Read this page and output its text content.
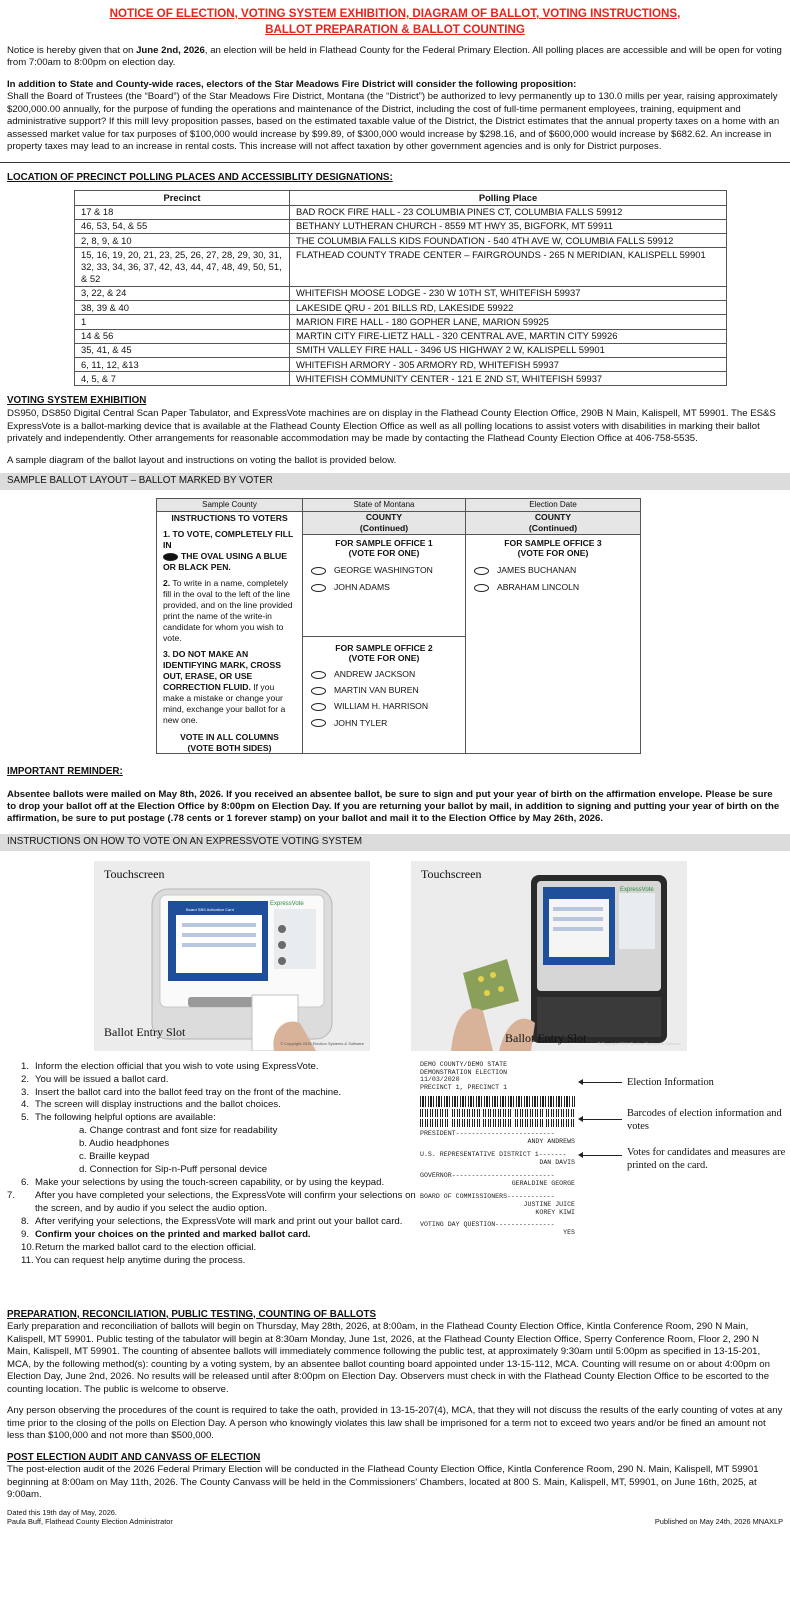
NOTICE OF ELECTION, VOTING SYSTEM EXHIBITION, DIAGRAM OF BALLOT, VOTING INSTRUCTIONS,
BALLOT PREPARATION & BALLOT COUNTING

Notice is hereby given that on June 2nd, 2026, an election will be held in Flathead County for the Federal Primary Election. All polling places are accessible and will be open for voting from 7:00am to 8:00pm on election day.

In addition to State and County-wide races, electors of the Star Meadows Fire District will consider the following proposition:

Shall the Board of Trustees (the “Board”) of the Star Meadows Fire District, Montana (the “District”) be authorized to levy permanently up to 130.0 mills per year, raising approximately $200,000.00 annually, for the purpose of funding the operations and maintenance of the District, including the cost of full-time permanent employees, training, equipment and administrative support? If this mill levy proposition passes, based on the estimated taxable value of the District, the District estimates that the annual property taxes on a home with an assessed market value for tax purposes of $100,000 would increase by $99.89, of $300,000 would increase by $298.16, and of $600,000 would increase by $682.62. An increase in property taxes may lead to an increase in rental costs. This increase will not affect taxation by other government agencies and is only for District purposes.

LOCATION OF PRECINCT POLLING PLACES AND ACCESSIBLITY DESIGNATIONS:

Precinct	Polling Place
17 & 18	BAD ROCK FIRE HALL - 23 COLUMBIA PINES CT, COLUMBIA FALLS 59912
46, 53, 54, & 55	BETHANY LUTHERAN CHURCH - 8559 MT HWY 35, BIGFORK, MT 59911
2, 8, 9, & 10	THE COLUMBIA FALLS KIDS FOUNDATION - 540 4TH AVE W, COLUMBIA FALLS 59912
15, 16, 19, 20, 21, 23, 25, 26, 27, 28, 29, 30, 31, 32, 33, 34, 36, 37, 42, 43, 44, 47, 48, 49, 50, 51, & 52	FLATHEAD COUNTY TRADE CENTER – FAIRGROUNDS - 265 N MERIDIAN, KALISPELL 59901
3, 22, & 24	WHITEFISH MOOSE LODGE - 230 W 10TH ST, WHITEFISH 59937
38, 39 & 40	LAKESIDE QRU - 201 BILLS RD, LAKESIDE 59922
1	MARION FIRE HALL - 180 GOPHER LANE, MARION 59925
14 & 56	MARTIN CITY FIRE-LIETZ HALL - 320 CENTRAL AVE, MARTIN CITY 59926
35, 41, & 45	SMITH VALLEY FIRE HALL - 3496 US HIGHWAY 2 W, KALISPELL 59901
6, 11, 12, &13	WHITEFISH ARMORY - 305 ARMORY RD, WHITEFISH 59937
4, 5, & 7	WHITEFISH COMMUNITY CENTER - 121 E 2ND ST, WHITEFISH 59937

VOTING SYSTEM EXHIBITION

DS950, DS850 Digital Central Scan Paper Tabulator, and ExpressVote machines are on display in the Flathead County Election Office, 290B N Main, Kalispell, MT 59901. The ES&S ExpressVote is a ballot-marking device that is available at the Flathead County Election Office as well as all polling locations to assist voters with disabilities in marking their ballot privately and independently. Other arrangements for reasonable accommodation may be made by contacting the Flathead County Election Office at 406-758-5535.

A sample diagram of the ballot layout and instructions on voting the ballot is provided below.

SAMPLE BALLOT LAYOUT – BALLOT MARKED BY VOTER
Sample County
INSTRUCTIONS TO VOTERS
1. TO VOTE, COMPLETELY FILL IN
THE OVAL USING A BLUE OR BLACK PEN.
2. To write in a name, completely fill in the oval to the left of the line provided, and on the line provided print the name of the write-in candidate for whom you wish to vote.
3. DO NOT MAKE AN IDENTIFYING MARK, CROSS OUT, ERASE, OR USE CORRECTION FLUID. If you make a mistake or change your mind, exchange your ballot for a new one.
VOTE IN ALL COLUMNS
(VOTE BOTH SIDES)
State of Montana
COUNTY
(Continued)
FOR SAMPLE OFFICE 1
(VOTE FOR ONE)
GEORGE WASHINGTON
JOHN ADAMS
FOR SAMPLE OFFICE 2
(VOTE FOR ONE)
ANDREW JACKSON
MARTIN VAN BUREN
WILLIAM H. HARRISON
JOHN TYLER
Election Date
COUNTY
(Continued)
FOR SAMPLE OFFICE 3
(VOTE FOR ONE)
JAMES BUCHANAN
ABRAHAM LINCOLN

IMPORTANT REMINDER:

Absentee ballots were mailed on May 8th, 2026. If you received an absentee ballot, be sure to sign and put your year of birth on the affirmation envelope. Please be sure to drop your ballot off at the Election Office by 8:00pm on Election Day. If you are returning your ballot by mail, in addition to signing and putting your year of birth on the affirmation, be sure to put postage (.78 cents or 1 forever stamp) on your ballot and mail it to the Election Office by May 26th, 2026.

INSTRUCTIONS ON HOW TO VOTE ON AN EXPRESSVOTE VOTING SYSTEM
Touchscreen
Ballot Entry Slot
Board SBS Activation Card
ExpressVote
© Copyright 2019 Election Systems & Software
Touchscreen
Ballot Entry Slot
ExpressVote
© Copyright 2019 Election Systems & Software
1. Inform the election official that you wish to vote using ExpressVote.
2. You will be issued a ballot card.
3. Insert the ballot card into the ballot feed tray on the front of the machine.
4. The screen will display instructions and the ballot choices.
5. The following helpful options are available:
a. Change contrast and font size for readability
b. Audio headphones
c. Braille keypad
d. Connection for Sip-n-Puff personal device
6. Make your selections by using the touch-screen capability, or by using the keypad.
7. After you have completed your selections, the ExpressVote will confirm your selections on the screen, and by audio if you select the audio option.
8. After verifying your selections, the ExpressVote will mark and print out your ballot card.
9. Confirm your choices on the printed and marked ballot card.
10.Return the marked ballot card to the election official.
11.You can request help anytime during the process.
DEMO COUNTY/DEMO STATE
DEMONSTRATION ELECTION
11/03/2020
PRECINCT 1, PRECINCT 1
PRESIDENT-------------------------
ANDY ANDREWS
U.S. REPRESENTATIVE DISTRICT 1-------
DAN DAVIS
GOVERNOR--------------------------
GERALDINE GEORGE
BOARD OF COMMISSIONERS------------
JUSTINE JUICE
KOREY KIWI
VOTING DAY QUESTION---------------
YES
Election Information
Barcodes of election information and votes
Votes for candidates and measures are printed on the card.

PREPARATION, RECONCILIATION, PUBLIC TESTING, COUNTING OF BALLOTS

Early preparation and reconciliation of ballots will begin on Thursday, May 28th, 2026, at 8:00am, in the Flathead County Election Office, Kintla Conference Room, 290 N Main, Kalispell, MT 59901. Public testing of the tabulator will begin at 8:30am Monday, June 1st, 2026, at the Flathead County Election Office, Sperry Conference Room, Floor 2, 290 N Main, Kalispell, MT 59901. The counting of absentee ballots will immediately commence following the public test, at approximately 9:30am until 5:00pm as specified in 13-15-201, MCA, by the following method(s): counting by a voting system, by an absentee ballot counting board appointed under 13-15-112, MCA. Counting will resume on or about 4:00pm on Election Day, June 2nd, 2026. No results will be released until after 8:00pm on Election Day. Observers must check in with the Flathead County Election Office to be escorted to the counting location. The public is welcome to observe.

Any person observing the procedures of the count is required to take the oath, provided in 13-15-207(4), MCA, that they will not discuss the results of the early counting of votes at any time prior to the closing of the polls on Election Day. A person who knowingly violates this law shall be imprisoned for a term not to exceed two years and/or be fined an amount not less than $100,000 and not more than $500,000.

POST ELECTION AUDIT AND CANVASS OF ELECTION

The post-election audit of the 2026 Federal Primary Election will be conducted in the Flathead County Election Office, Kintla Conference Room, 290 N. Main, Kalispell, MT 59901 beginning at 8:00am on May 11th, 2026. The County Canvass will be held in the Commissioners’ Chambers, located at 800 S. Main, Kalispell, MT, 59901, on June 16th, 2025, at 9:00am.

Dated this 19th day of May, 2026.
Paula Buff, Flathead County Election Administrator	Published on May 24th, 2026 MNAXLP
